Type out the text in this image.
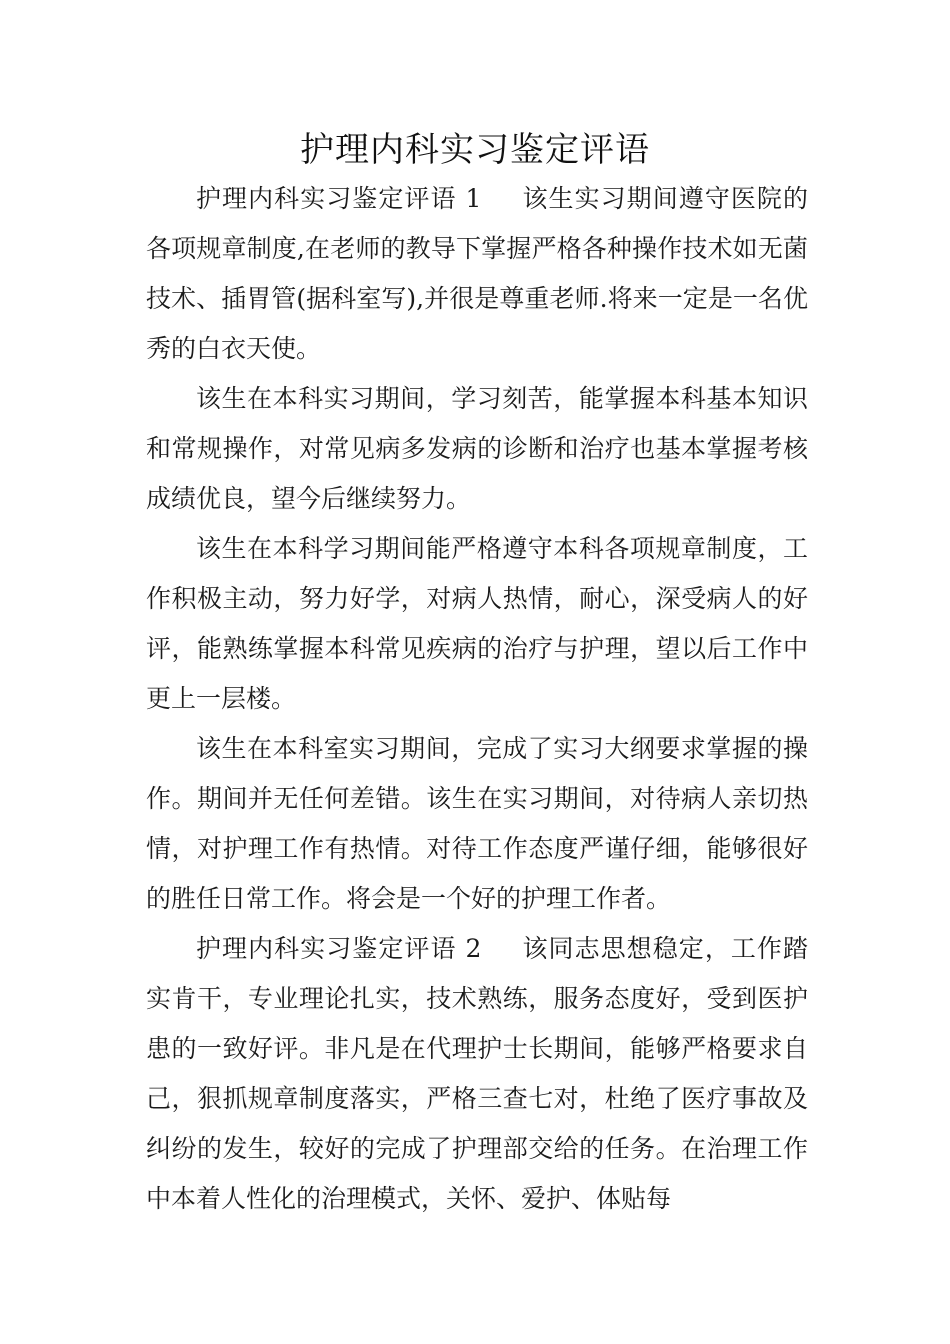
护理内科实习鉴定评语

护理内科实习鉴定评语 1 该生实习期间遵守医院的各项规章制度,在老师的教导下掌握严格各种操作技术如无菌技术、插胃管(据科室写),并很是尊重老师.将来一定是一名优秀的白衣天使。

该生在本科实习期间，学习刻苦，能掌握本科基本知识和常规操作，对常见病多发病的诊断和治疗也基本掌握考核成绩优良，望今后继续努力。

该生在本科学习期间能严格遵守本科各项规章制度，工作积极主动，努力好学，对病人热情，耐心，深受病人的好评，能熟练掌握本科常见疾病的治疗与护理，望以后工作中更上一层楼。

该生在本科室实习期间，完成了实习大纲要求掌握的操作。期间并无任何差错。该生在实习期间，对待病人亲切热情，对护理工作有热情。对待工作态度严谨仔细，能够很好的胜任日常工作。将会是一个好的护理工作者。

护理内科实习鉴定评语 2 该同志思想稳定，工作踏实肯干，专业理论扎实，技术熟练，服务态度好，受到医护患的一致好评。非凡是在代理护士长期间，能够严格要求自己，狠抓规章制度落实，严格三查七对，杜绝了医疗事故及纠纷的发生，较好的完成了护理部交给的任务。在治理工作中本着人性化的治理模式，关怀、爱护、体贴每
